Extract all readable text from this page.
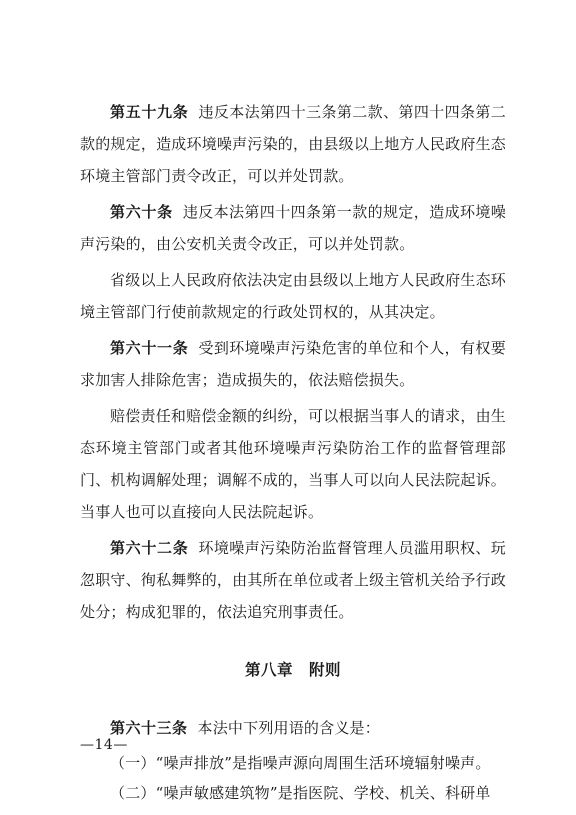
第五十九条 违反本法第四十三条第二款、第四十四条第二款的规定，造成环境噪声污染的，由县级以上地方人民政府生态环境主管部门责令改正，可以并处罚款。

第六十条 违反本法第四十四条第一款的规定，造成环境噪声污染的，由公安机关责令改正，可以并处罚款。

省级以上人民政府依法决定由县级以上地方人民政府生态环境主管部门行使前款规定的行政处罚权的，从其决定。

第六十一条 受到环境噪声污染危害的单位和个人，有权要求加害人排除危害；造成损失的，依法赔偿损失。

赔偿责任和赔偿金额的纠纷，可以根据当事人的请求，由生态环境主管部门或者其他环境噪声污染防治工作的监督管理部门、机构调解处理；调解不成的，当事人可以向人民法院起诉。当事人也可以直接向人民法院起诉。

第六十二条 环境噪声污染防治监督管理人员滥用职权、玩忽职守、徇私舞弊的，由其所在单位或者上级主管机关给予行政处分；构成犯罪的，依法追究刑事责任。

第八章 附则

第六十三条 本法中下列用语的含义是：

（一）“噪声排放”是指噪声源向周围生活环境辐射噪声。

（二）“噪声敏感建筑物”是指医院、学校、机关、科研单

—14—
